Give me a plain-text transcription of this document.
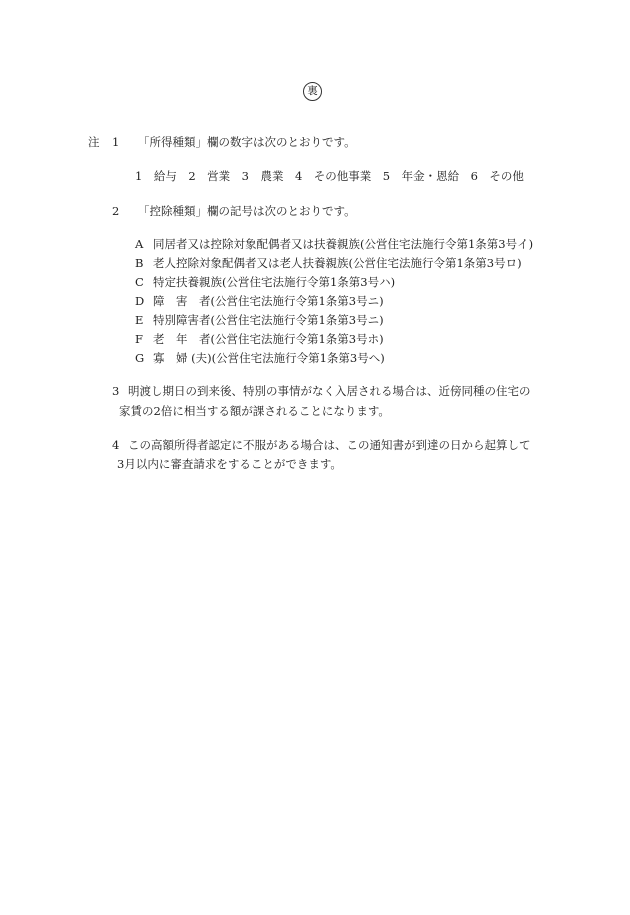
裏
注 1 「所得種類」欄の数字は次のとおりです。
1　給与　2　営業　3　農業　4　その他事業　5　年金・恩給　6　その他
2 「控除種類」欄の記号は次のとおりです。
A 同居者又は控除対象配偶者又は扶養親族(公営住宅法施行令第1条第3号イ)
B 老人控除対象配偶者又は老人扶養親族(公営住宅法施行令第1条第3号ロ)
C 特定扶養親族(公営住宅法施行令第1条第3号ハ)
D 障　害　者(公営住宅法施行令第1条第3号ニ)
E 特別障害者(公営住宅法施行令第1条第3号ニ)
F 老　年　者(公営住宅法施行令第1条第3号ホ)
G 寡　婦 (夫)(公営住宅法施行令第1条第3号へ)
3 明渡し期日の到来後、特別の事情がなく入居される場合は、近傍同種の住宅の
家賃の2倍に相当する額が課されることになります。
4 この高額所得者認定に不服がある場合は、この通知書が到達の日から起算して
3月以内に審査請求をすることができます。
